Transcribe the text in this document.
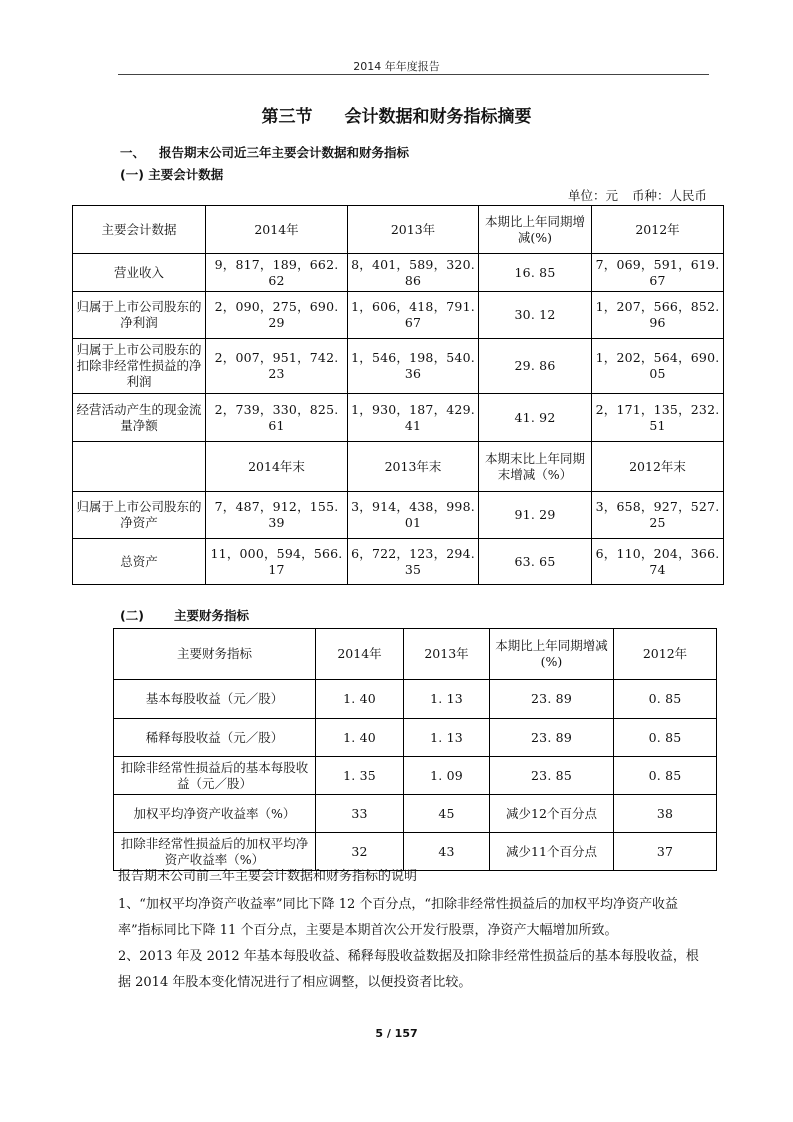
2014 年年度报告
第三节 会计数据和财务指标摘要
一、 报告期末公司近三年主要会计数据和财务指标
(一) 主要会计数据
单位：元 币种：人民币
主要会计数据	2014年	2013年	本期比上年同期增减(%)	2012年
营业收入	9，817，189，662. 62	8，401，589，320. 86	16. 85	7，069，591，619. 67
归属于上市公司股东的净利润	2，090，275，690. 29	1，606，418，791. 67	30. 12	1，207，566，852. 96
归属于上市公司股东的扣除非经常性损益的净利润	2，007，951，742. 23	1，546，198，540. 36	29. 86	1，202，564，690. 05
经营活动产生的现金流量净额	2，739，330，825. 61	1，930，187，429. 41	41. 92	2，171，135，232. 51
	2014年末	2013年末	本期末比上年同期末增减（%）	2012年末
归属于上市公司股东的净资产	7，487，912，155. 39	3，914，438，998. 01	91. 29	3，658，927，527. 25
总资产	11，000，594，566. 17	6，722，123，294. 35	63. 65	6，110，204，366. 74
(二) 主要财务指标
主要财务指标	2014年	2013年	本期比上年同期增减(%)	2012年
基本每股收益（元／股）	1. 40	1. 13	23. 89	0. 85
稀释每股收益（元／股）	1. 40	1. 13	23. 89	0. 85
扣除非经常性损益后的基本每股收益（元／股）	1. 35	1. 09	23. 85	0. 85
加权平均净资产收益率（%）	33	45	减少12个百分点	38
扣除非经常性损益后的加权平均净资产收益率（%）	32	43	减少11个百分点	37

报告期末公司前三年主要会计数据和财务指标的说明

1、“加权平均净资产收益率”同比下降 12 个百分点，“扣除非经常性损益后的加权平均净资产收益率”指标同比下降 11 个百分点，主要是本期首次公开发行股票，净资产大幅增加所致。

2、2013 年及 2012 年基本每股收益、稀释每股收益数据及扣除非经常性损益后的基本每股收益，根据 2014 年股本变化情况进行了相应调整，以便投资者比较。

5 / 157
